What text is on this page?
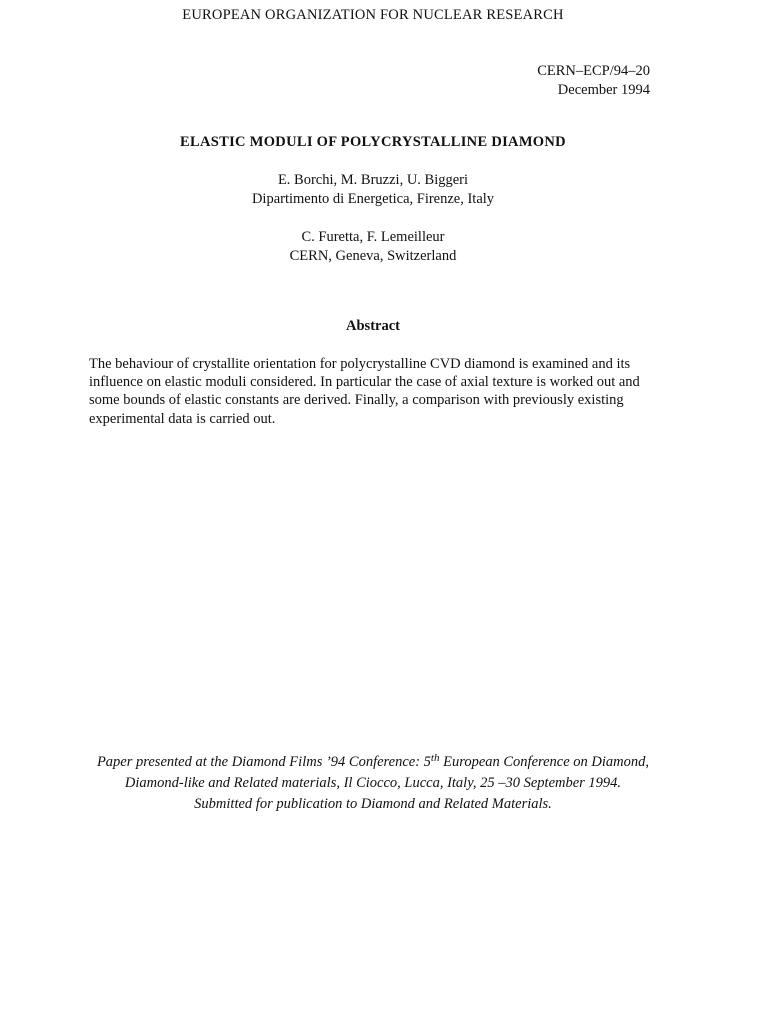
EUROPEAN ORGANIZATION FOR NUCLEAR RESEARCH
CERN–ECP/94–20
December 1994
ELASTIC MODULI OF POLYCRYSTALLINE DIAMOND
E. Borchi, M. Bruzzi, U. Biggeri
Dipartimento di Energetica, Firenze, Italy
C. Furetta, F. Lemeilleur
CERN, Geneva, Switzerland
Abstract
The behaviour of crystallite orientation for polycrystalline CVD diamond is examined and its influence on elastic moduli considered. In particular the case of axial texture is worked out and some bounds of elastic constants are derived. Finally, a comparison with previously existing experimental data is carried out.
Paper presented at the Diamond Films ’94 Conference: 5th European Conference on Diamond, Diamond-like and Related materials, Il Ciocco, Lucca, Italy, 25 –30 September 1994.
Submitted for publication to Diamond and Related Materials.
